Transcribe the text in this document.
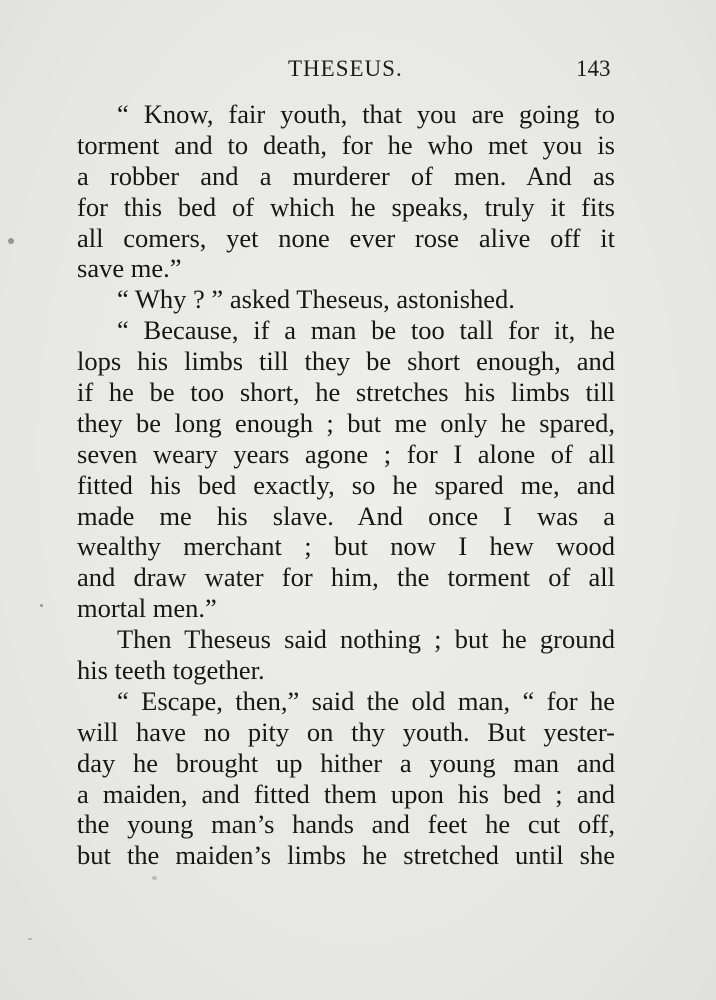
THESEUS.	143
“ Know, fair youth, that you are going to
torment and to death, for he who met you is
a robber and a murderer of men. And as
for this bed of which he speaks, truly it fits
all comers, yet none ever rose alive off it
save me.”
“ Why ? ” asked Theseus, astonished.
“ Because, if a man be too tall for it, he
lops his limbs till they be short enough, and
if he be too short, he stretches his limbs till
they be long enough ; but me only he spared,
seven weary years agone ; for I alone of all
fitted his bed exactly, so he spared me, and
made me his slave. And once I was a
wealthy merchant ; but now I hew wood
and draw water for him, the torment of all
mortal men.”
Then Theseus said nothing ; but he ground
his teeth together.
“ Escape, then,” said the old man, “ for he
will have no pity on thy youth. But yester-
day he brought up hither a young man and
a maiden, and fitted them upon his bed ; and
the young man’s hands and feet he cut off,
but the maiden’s limbs he stretched until she
